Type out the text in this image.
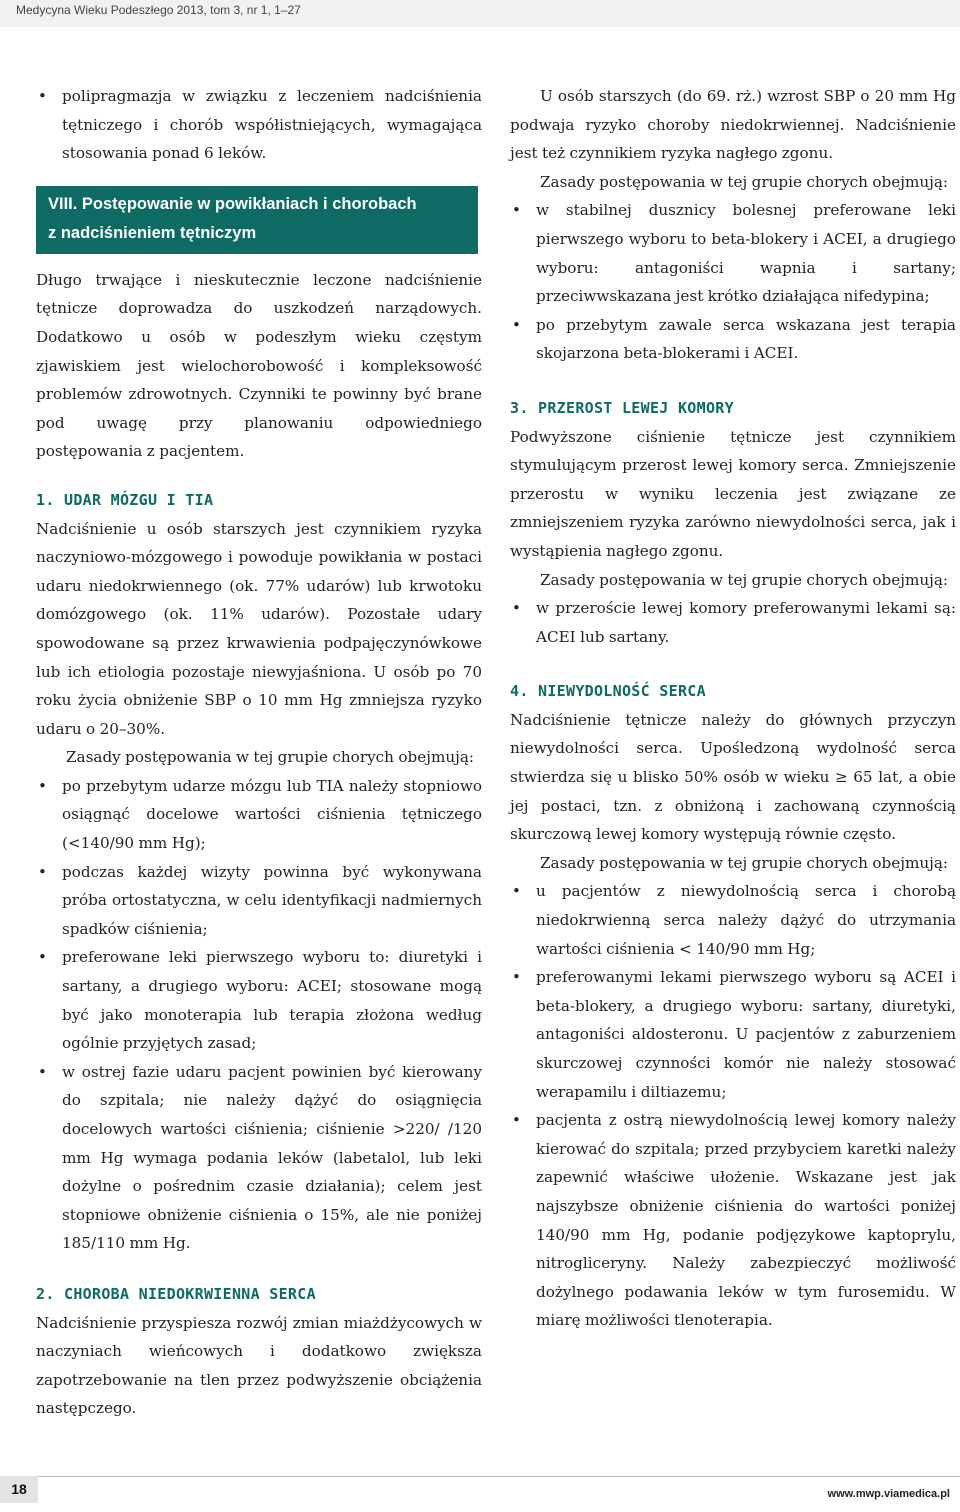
Medycyna Wieku Podeszłego 2013, tom 3, nr 1, 1–27
• polipragmazja w związku z leczeniem nadciśnienia tętniczego i chorób współistniejących, wymagająca stosowania ponad 6 leków.
VIII. Postępowanie w powikłaniach i chorobach
z nadciśnieniem tętniczym

Długo trwające i nieskutecznie leczone nadciśnienie tętnicze doprowadza do uszkodzeń narządowych. Dodatkowo u osób w podeszłym wieku częstym zjawiskiem jest wielochorobowość i kompleksowość problemów zdrowotnych. Czynniki te powinny być brane pod uwagę przy planowaniu odpowiedniego postępowania z pacjentem.

1. UDAR MÓZGU I TIA

Nadciśnienie u osób starszych jest czynnikiem ryzyka naczyniowo-mózgowego i powoduje powikłania w postaci udaru niedokrwiennego (ok. 77% udarów) lub krwotoku domózgowego (ok. 11% udarów). Pozostałe udary spowodowane są przez krwawienia podpajęczynówkowe lub ich etiologia pozostaje niewyjaśniona. U osób po 70 roku życia obniżenie SBP o 10 mm Hg zmniejsza ryzyko udaru o 20–30%.

Zasady postępowania w tej grupie chorych obejmują:

• po przebytym udarze mózgu lub TIA należy stopniowo osiągnąć docelowe wartości ciśnienia tętniczego (<140/90 mm Hg);
• podczas każdej wizyty powinna być wykonywana próba ortostatyczna, w celu identyfikacji nadmiernych spadków ciśnienia;
• preferowane leki pierwszego wyboru to: diuretyki i sartany, a drugiego wyboru: ACEI; stosowane mogą być jako monoterapia lub terapia złożona według ogólnie przyjętych zasad;
• w ostrej fazie udaru pacjent powinien być kierowany do szpitala; nie należy dążyć do osiągnięcia docelowych wartości ciśnienia; ciśnienie >220/ /120 mm Hg wymaga podania leków (labetalol, lub leki dożylne o pośrednim czasie działania); celem jest stopniowe obniżenie ciśnienia o 15%, ale nie poniżej 185/110 mm Hg.
2. CHOROBA NIEDOKRWIENNA SERCA

Nadciśnienie przyspiesza rozwój zmian miażdżycowych w naczyniach wieńcowych i dodatkowo zwiększa zapotrzebowanie na tlen przez podwyższenie obciążenia następczego.

U osób starszych (do 69. rż.) wzrost SBP o 20 mm Hg podwaja ryzyko choroby niedokrwiennej. Nadciśnienie jest też czynnikiem ryzyka nagłego zgonu.

Zasady postępowania w tej grupie chorych obejmują:

• w stabilnej dusznicy bolesnej preferowane leki pierwszego wyboru to beta-blokery i ACEI, a drugiego wyboru: antagoniści wapnia i sartany; przeciwwskazana jest krótko działająca nifedypina;
• po przebytym zawale serca wskazana jest terapia skojarzona beta-blokerami i ACEI.
3. PRZEROST LEWEJ KOMORY

Podwyższone ciśnienie tętnicze jest czynnikiem stymulującym przerost lewej komory serca. Zmniejszenie przerostu w wyniku leczenia jest związane ze zmniejszeniem ryzyka zarówno niewydolności serca, jak i wystąpienia nagłego zgonu.

Zasady postępowania w tej grupie chorych obejmują:

• w przeroście lewej komory preferowanymi lekami są: ACEI lub sartany.
4. NIEWYDOLNOŚĆ SERCA

Nadciśnienie tętnicze należy do głównych przyczyn niewydolności serca. Upośledzoną wydolność serca stwierdza się u blisko 50% osób w wieku ≥ 65 lat, a obie jej postaci, tzn. z obniżoną i zachowaną czynnością skurczową lewej komory występują równie często.

Zasady postępowania w tej grupie chorych obejmują:

• u pacjentów z niewydolnością serca i chorobą niedokrwienną serca należy dążyć do utrzymania wartości ciśnienia < 140/90 mm Hg;
• preferowanymi lekami pierwszego wyboru są ACEI i beta-blokery, a drugiego wyboru: sartany, diuretyki, antagoniści aldosteronu. U pacjentów z zaburzeniem skurczowej czynności komór nie należy stosować werapamilu i diltiazemu;
• pacjenta z ostrą niewydolnością lewej komory należy kierować do szpitala; przed przybyciem karetki należy zapewnić właściwe ułożenie. Wskazane jest jak najszybsze obniżenie ciśnienia do wartości poniżej 140/90 mm Hg, podanie podjęzykowe kaptoprylu, nitrogliceryny. Należy zabezpieczyć możliwość dożylnego podawania leków w tym furosemidu. W miarę możliwości tlenoterapia.
18	www.mwp.viamedica.pl
